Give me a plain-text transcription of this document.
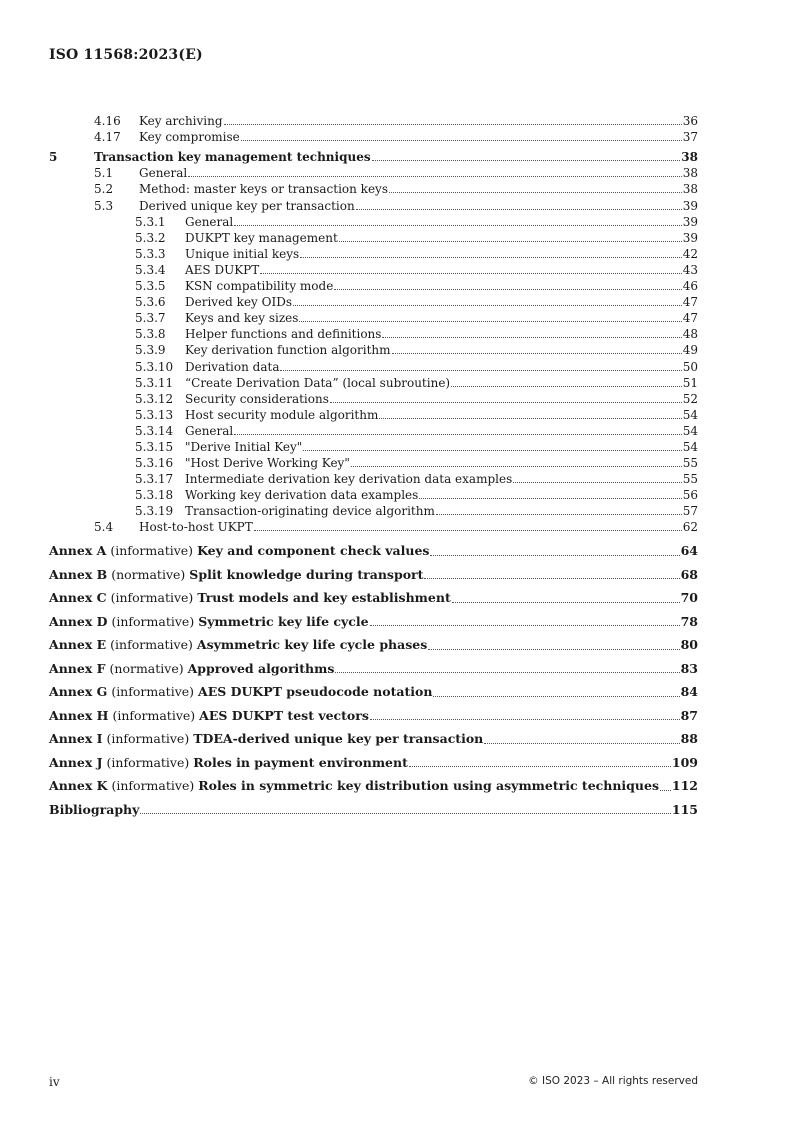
ISO 11568:2023(E)
4.16	Key archiving	36
4.17	Key compromise	37
5	Transaction key management techniques	38
5.1	General	38
5.2	Method: master keys or transaction keys	38
5.3	Derived unique key per transaction	39
5.3.1	General	39
5.3.2	DUKPT key management	39
5.3.3	Unique initial keys	42
5.3.4	AES DUKPT	43
5.3.5	KSN compatibility mode	46
5.3.6	Derived key OIDs	47
5.3.7	Keys and key sizes	47
5.3.8	Helper functions and definitions	48
5.3.9	Key derivation function algorithm	49
5.3.10 Derivation data	50
5.3.11 “Create Derivation Data” (local subroutine)	51
5.3.12 Security considerations	52
5.3.13 Host security module algorithm	54
5.3.14 General	54
5.3.15 "Derive Initial Key"	54
5.3.16 "Host Derive Working Key"	55
5.3.17 Intermediate derivation key derivation data examples	55
5.3.18 Working key derivation data examples	56
5.3.19 Transaction-originating device algorithm	57
5.4	Host-to-host UKPT	62
Annex A (informative) Key and component check values	64
Annex B (normative) Split knowledge during transport	68
Annex C (informative) Trust models and key establishment	70
Annex D (informative) Symmetric key life cycle	78
Annex E (informative) Asymmetric key life cycle phases	80
Annex F (normative) Approved algorithms	83
Annex G (informative) AES DUKPT pseudocode notation	84
Annex H (informative) AES DUKPT test vectors	87
Annex I (informative) TDEA-derived unique key per transaction	88
Annex J (informative) Roles in payment environment	109
Annex K (informative) Roles in symmetric key distribution using asymmetric techniques 112
Bibliography	115
iv	© ISO 2023 – All rights reserved
